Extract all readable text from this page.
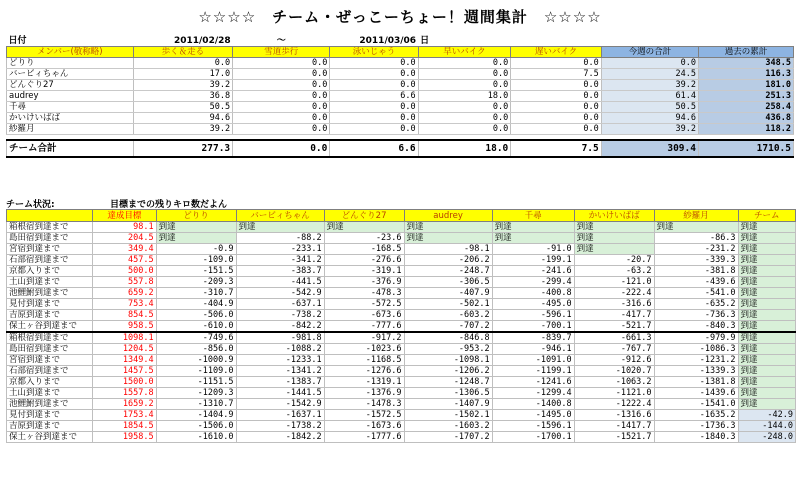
☆☆☆☆　チーム・ぜっこーちょー！週間集計　☆☆☆☆
日付	2011/02/28	～	2011/03/06	日			
メンバー(敬称略)	歩く＆走る	雪道歩行	泳いじゃう	早いバイク	遅いバイク	今週の合計	過去の累計
どりり	0.0	0.0	0.0	0.0	0.0	0.0	348.5
バービィちゃん	17.0	0.0	0.0	0.0	7.5	24.5	116.3
どんぐり27	39.2	0.0	0.0	0.0	0.0	39.2	181.0
audrey	36.8	0.0	6.6	18.0	0.0	61.4	251.3
千尋	50.5	0.0	0.0	0.0	0.0	50.5	258.4
かいけいばば	94.6	0.0	0.0	0.0	0.0	94.6	436.8
紗羅月	39.2	0.0	0.0	0.0	0.0	39.2	118.2

チーム合計	277.3	0.0	6.6	18.0	7.5	309.4	1710.5
チーム状況:	目標までの残りキロ数だよん
	達成目標	どりり	バービィちゃん	どんぐり27	audrey	千尋	かいけいばば	紗羅月	チーム
箱根宿到達まで	98.1	到達	到達	到達	到達	到達	到達	到達	到達
島田宿到達まで	204.5	到達	-88.2	-23.6	到達	到達	到達	-86.3	到達
宮宿到達まで	349.4	-0.9	-233.1	-168.5	-98.1	-91.0	到達	-231.2	到達
石部宿到達まで	457.5	-109.0	-341.2	-276.6	-206.2	-199.1	-20.7	-339.3	到達
京都入りまで	500.0	-151.5	-383.7	-319.1	-248.7	-241.6	-63.2	-381.8	到達
土山到達まで	557.8	-209.3	-441.5	-376.9	-306.5	-299.4	-121.0	-439.6	到達
池鯉鮒到達まで	659.2	-310.7	-542.9	-478.3	-407.9	-400.8	-222.4	-541.0	到達
見付到達まで	753.4	-404.9	-637.1	-572.5	-502.1	-495.0	-316.6	-635.2	到達
吉原到達まで	854.5	-506.0	-738.2	-673.6	-603.2	-596.1	-417.7	-736.3	到達
保土ヶ谷到達まで	958.5	-610.0	-842.2	-777.6	-707.2	-700.1	-521.7	-840.3	到達
箱根宿到達まで	1098.1	-749.6	-981.8	-917.2	-846.8	-839.7	-661.3	-979.9	到達
島田宿到達まで	1204.5	-856.0	-1088.2	-1023.6	-953.2	-946.1	-767.7	-1086.3	到達
宮宿到達まで	1349.4	-1000.9	-1233.1	-1168.5	-1098.1	-1091.0	-912.6	-1231.2	到達
石部宿到達まで	1457.5	-1109.0	-1341.2	-1276.6	-1206.2	-1199.1	-1020.7	-1339.3	到達
京都入りまで	1500.0	-1151.5	-1383.7	-1319.1	-1248.7	-1241.6	-1063.2	-1381.8	到達
土山到達まで	1557.8	-1209.3	-1441.5	-1376.9	-1306.5	-1299.4	-1121.0	-1439.6	到達
池鯉鮒到達まで	1659.2	-1310.7	-1542.9	-1478.3	-1407.9	-1400.8	-1222.4	-1541.0	到達
見付到達まで	1753.4	-1404.9	-1637.1	-1572.5	-1502.1	-1495.0	-1316.6	-1635.2	-42.9
吉原到達まで	1854.5	-1506.0	-1738.2	-1673.6	-1603.2	-1596.1	-1417.7	-1736.3	-144.0
保土ヶ谷到達まで	1958.5	-1610.0	-1842.2	-1777.6	-1707.2	-1700.1	-1521.7	-1840.3	-248.0
